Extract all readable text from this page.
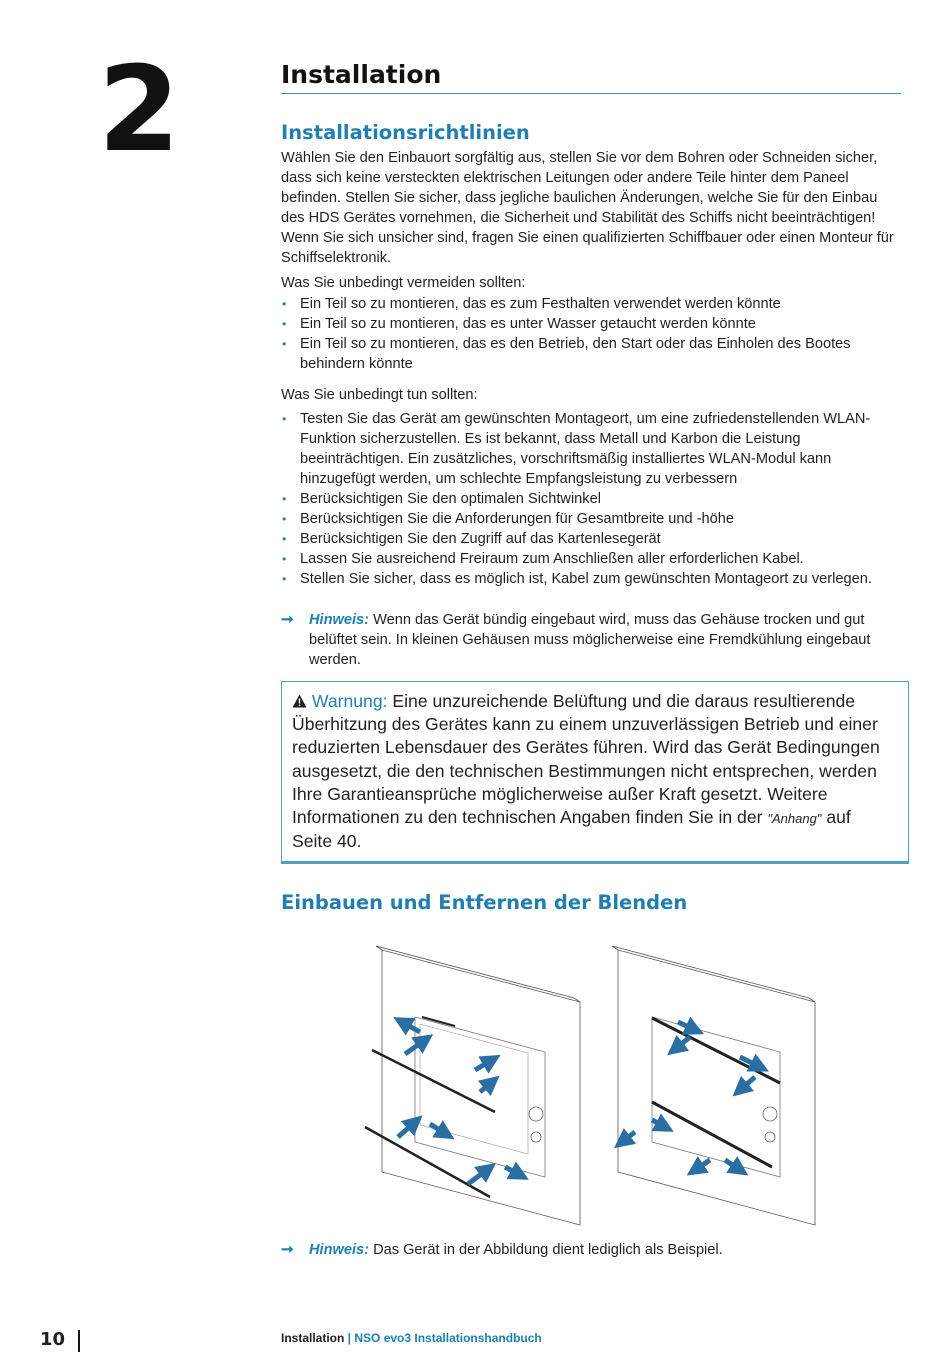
2	Installation
Installationsrichtlinien

Wählen Sie den Einbauort sorgfältig aus, stellen Sie vor dem Bohren oder Schneiden sicher, dass sich keine versteckten elektrischen Leitungen oder andere Teile hinter dem Paneel befinden. Stellen Sie sicher, dass jegliche baulichen Änderungen, welche Sie für den Einbau des HDS Gerätes vornehmen, die Sicherheit und Stabilität des Schiffs nicht beeinträchtigen! Wenn Sie sich unsicher sind, fragen Sie einen qualifizierten Schiffbauer oder einen Monteur für Schiffselektronik.

Was Sie unbedingt vermeiden sollten:

• Ein Teil so zu montieren, das es zum Festhalten verwendet werden könnte
• Ein Teil so zu montieren, das es unter Wasser getaucht werden könnte
• Ein Teil so zu montieren, das es den Betrieb, den Start oder das Einholen des Bootes behindern könnte

Was Sie unbedingt tun sollten:

• Testen Sie das Gerät am gewünschten Montageort, um eine zufriedenstellenden WLAN-Funktion sicherzustellen. Es ist bekannt, dass Metall und Karbon die Leistung beeinträchtigen. Ein zusätzliches, vorschriftsmäßig installiertes WLAN-Modul kann hinzugefügt werden, um schlechte Empfangsleistung zu verbessern
• Berücksichtigen Sie den optimalen Sichtwinkel
• Berücksichtigen Sie die Anforderungen für Gesamtbreite und -höhe
• Berücksichtigen Sie den Zugriff auf das Kartenlesegerät
• Lassen Sie ausreichend Freiraum zum Anschließen aller erforderlichen Kabel.
• Stellen Sie sicher, dass es möglich ist, Kabel zum gewünschten Montageort zu verlegen.
➞ Hinweis: Wenn das Gerät bündig eingebaut wird, muss das Gehäuse trocken und gut belüftet sein. In kleinen Gehäusen muss möglicherweise eine Fremdkühlung eingebaut werden.
Warnung: Eine unzureichende Belüftung und die daraus resultierende Überhitzung des Gerätes kann zu einem unzuverlässigen Betrieb und einer reduzierten Lebensdauer des Gerätes führen. Wird das Gerät Bedingungen ausgesetzt, die den technischen Bestimmungen nicht entsprechen, werden Ihre Garantieansprüche möglicherweise außer Kraft gesetzt. Weitere Informationen zu den technischen Angaben finden Sie in der "Anhang" auf Seite 40.
Einbauen und Entfernen der Blenden
➞ Hinweis: Das Gerät in der Abbildung dient lediglich als Beispiel.
10	Installation | NSO evo3 Installationshandbuch
